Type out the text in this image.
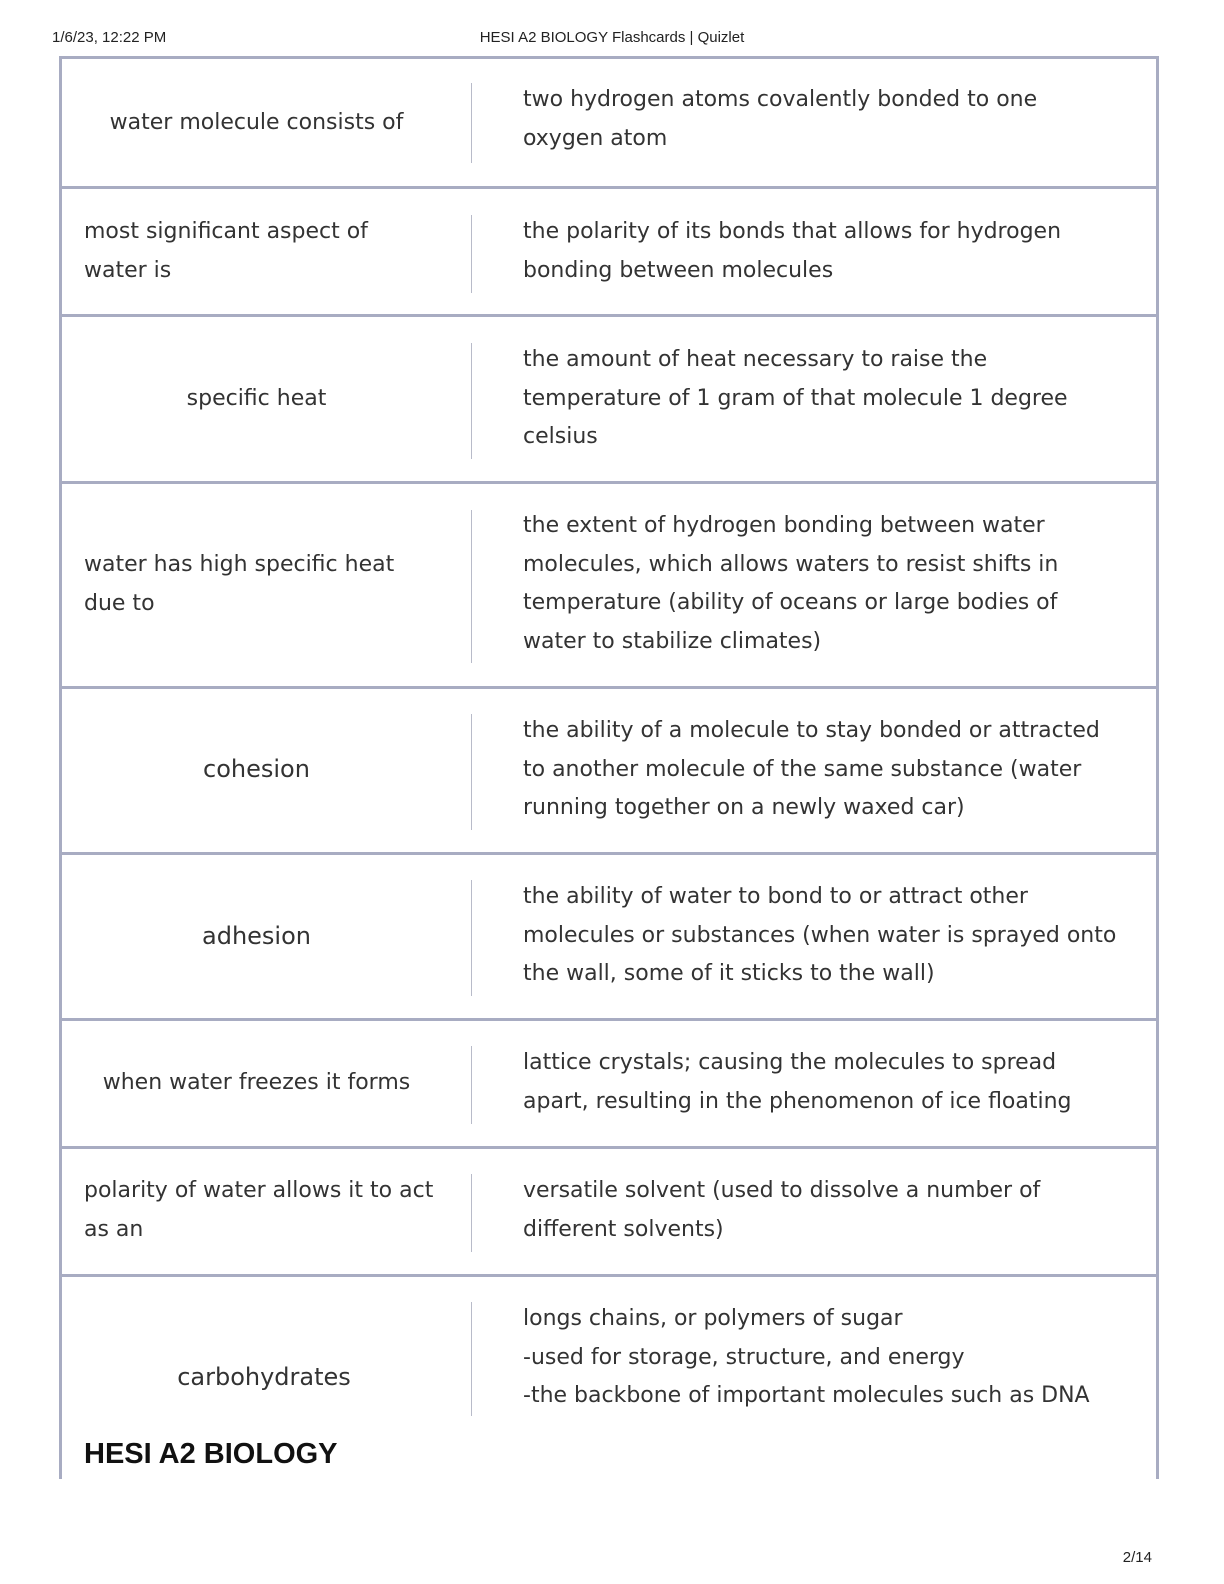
1/6/23, 12:22 PM	HESI A2 BIOLOGY Flashcards | Quizlet
water molecule consists of
two hydrogen atoms covalently bonded to one oxygen atom
most significant aspect of water is
the polarity of its bonds that allows for hydrogen bonding between molecules
specific heat
the amount of heat necessary to raise the temperature of 1 gram of that molecule 1 degree celsius
water has high specific heat due to
the extent of hydrogen bonding between water molecules, which allows waters to resist shifts in temperature (ability of oceans or large bodies of water to stabilize climates)
cohesion
the ability of a molecule to stay bonded or attracted to another molecule of the same substance (water running together on a newly waxed car)
adhesion
the ability of water to bond to or attract other molecules or substances (when water is sprayed onto the wall, some of it sticks to the wall)
when water freezes it forms
lattice crystals; causing the molecules to spread apart, resulting in the phenomenon of ice floating
polarity of water allows it to act as an
versatile solvent (used to dissolve a number of different solvents)
carbohydrates
longs chains, or polymers of sugar
-used for storage, structure, and energy
-the backbone of important molecules such as DNA
HESI A2 BIOLOGY
2/14
